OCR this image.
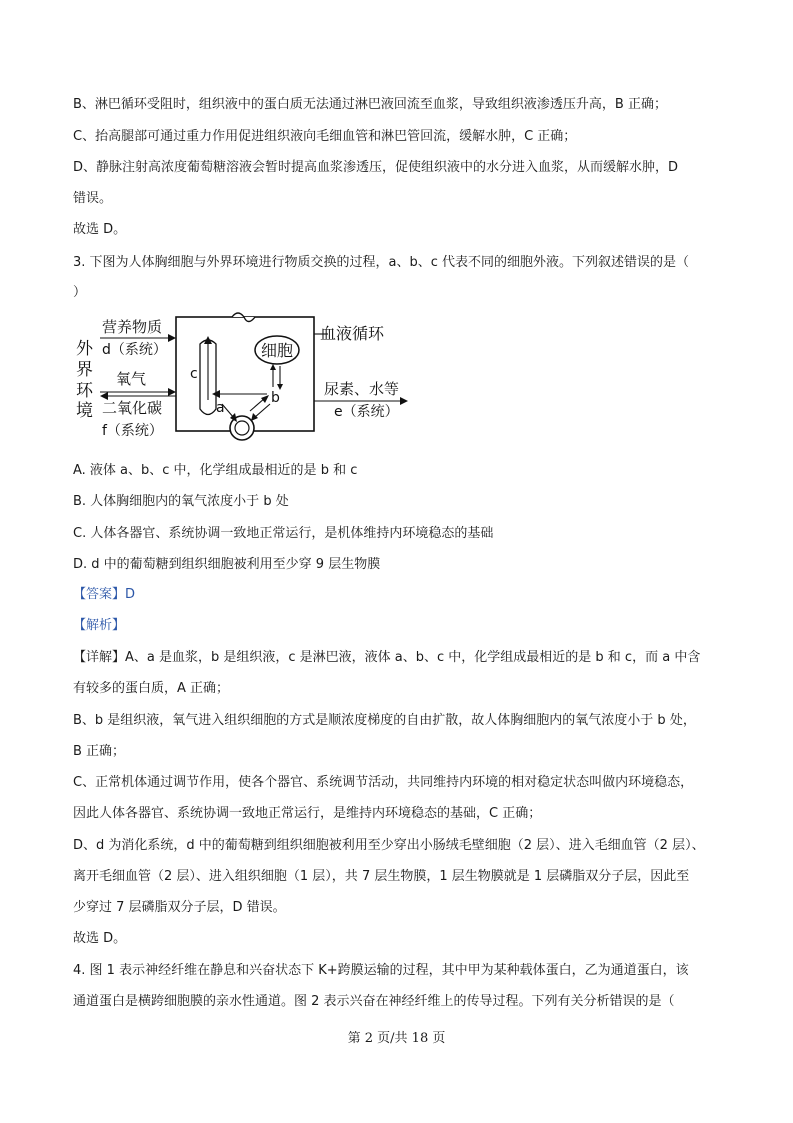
B、淋巴循环受阻时，组织液中的蛋白质无法通过淋巴液回流至血浆，导致组织液渗透压升高，B 正确；
C、抬高腿部可通过重力作用促进组织液向毛细血管和淋巴管回流，缓解水肿，C 正确；
D、静脉注射高浓度葡萄糖溶液会暂时提高血浆渗透压，促使组织液中的水分进入血浆，从而缓解水肿，D
错误。
故选 D。
3. 下图为人体胸细胞与外界环境进行物质交换的过程，a、b、c 代表不同的细胞外液。下列叙述错误的是（
）
细胞
c
b
a
外
界
环
境
营养物质
d（系统）
氧气
二氧化碳
f（系统）
血液循环
尿素、水等
e（系统）
A. 液体 a、b、c 中，化学组成最相近的是 b 和 c
B. 人体胸细胞内的氧气浓度小于 b 处
C. 人体各器官、系统协调一致地正常运行，是机体维持内环境稳态的基础
D. d 中的葡萄糖到组织细胞被利用至少穿 9 层生物膜
【答案】D
【解析】
【详解】A、a 是血浆，b 是组织液，c 是淋巴液，液体 a、b、c 中，化学组成最相近的是 b 和 c，而 a 中含
有较多的蛋白质，A 正确；
B、b 是组织液，氧气进入组织细胞的方式是顺浓度梯度的自由扩散，故人体胸细胞内的氧气浓度小于 b 处，
B 正确；
C、正常机体通过调节作用，使各个器官、系统调节活动，共同维持内环境的相对稳定状态叫做内环境稳态，
因此人体各器官、系统协调一致地正常运行，是维持内环境稳态的基础，C 正确；
D、d 为消化系统，d 中的葡萄糖到组织细胞被利用至少穿出小肠绒毛壁细胞（2 层）、进入毛细血管（2 层）、
离开毛细血管（2 层）、进入组织细胞（1 层），共 7 层生物膜，1 层生物膜就是 1 层磷脂双分子层，因此至
少穿过 7 层磷脂双分子层，D 错误。
故选 D。
4. 图 1 表示神经纤维在静息和兴奋状态下 K+跨膜运输的过程，其中甲为某种载体蛋白，乙为通道蛋白，该
通道蛋白是横跨细胞膜的亲水性通道。图 2 表示兴奋在神经纤维上的传导过程。下列有关分析错误的是（
第 2 页/共 18 页
